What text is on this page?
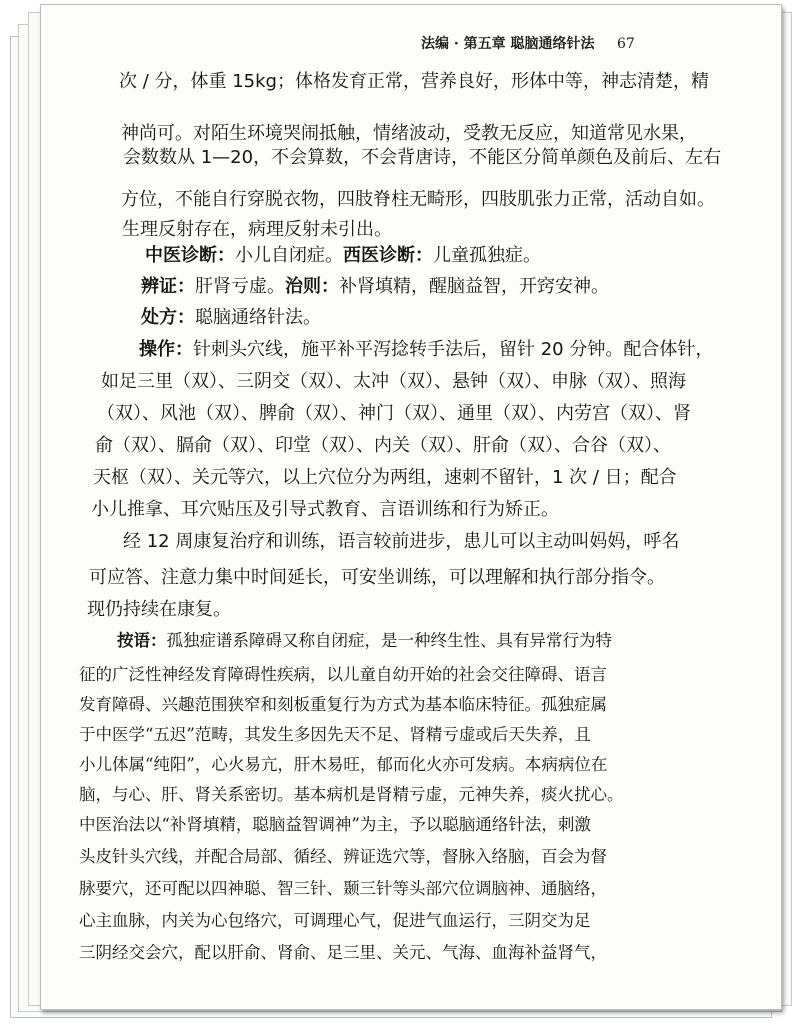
法编 · 第五章 聪脑通络针法 67
次 / 分，体重 15kg；体格发育正常，营养良好，形体中等，神志清楚，精
神尚可。对陌生环境哭闹抵触，情绪波动，受教无反应，知道常见水果，
会数数从 1—20，不会算数，不会背唐诗，不能区分简单颜色及前后、左右
方位，不能自行穿脱衣物，四肢脊柱无畸形，四肢肌张力正常，活动自如。
生理反射存在，病理反射未引出。
中医诊断：小儿自闭症。西医诊断：儿童孤独症。
辨证：肝肾亏虚。治则：补肾填精，醒脑益智，开窍安神。
处方：聪脑通络针法。
操作：针刺头穴线，施平补平泻捻转手法后，留针 20 分钟。配合体针，
如足三里（双）、三阴交（双）、太冲（双）、悬钟（双）、申脉（双）、照海
（双）、风池（双）、脾俞（双）、神门（双）、通里（双）、内劳宫（双）、肾
俞（双）、膈俞（双）、印堂（双）、内关（双）、肝俞（双）、合谷（双）、
天枢（双）、关元等穴，以上穴位分为两组，速刺不留针，1 次 / 日；配合
小儿推拿、耳穴贴压及引导式教育、言语训练和行为矫正。
经 12 周康复治疗和训练，语言较前进步，患儿可以主动叫妈妈，呼名
可应答、注意力集中时间延长，可安坐训练，可以理解和执行部分指令。
现仍持续在康复。
按语：孤独症谱系障碍又称自闭症，是一种终生性、具有异常行为特
征的广泛性神经发育障碍性疾病，以儿童自幼开始的社会交往障碍、语言
发育障碍、兴趣范围狭窄和刻板重复行为方式为基本临床特征。孤独症属
于中医学“五迟”范畴，其发生多因先天不足、肾精亏虚或后天失养，且
小儿体属“纯阳”，心火易亢，肝木易旺，郁而化火亦可发病。本病病位在
脑，与心、肝、肾关系密切。基本病机是肾精亏虚，元神失养，痰火扰心。
中医治法以“补肾填精，聪脑益智调神”为主，予以聪脑通络针法，刺激
头皮针头穴线，并配合局部、循经、辨证选穴等，督脉入络脑，百会为督
脉要穴，还可配以四神聪、智三针、颞三针等头部穴位调脑神、通脑络，
心主血脉，内关为心包络穴，可调理心气，促进气血运行，三阴交为足
三阴经交会穴，配以肝俞、肾俞、足三里、关元、气海、血海补益肾气，
